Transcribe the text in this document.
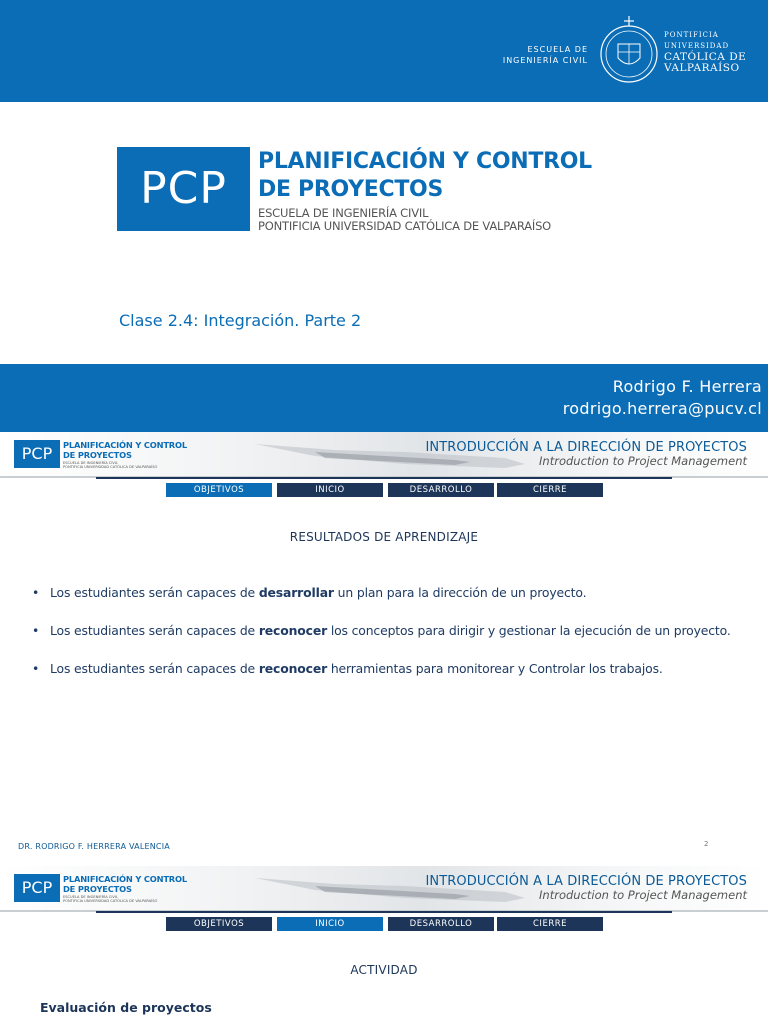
ESCUELA DE
INGENIERÍA CIVIL
PONTIFICIA
UNIVERSIDAD
CATÓLICA DE
VALPARAÍSO
PCP
PLANIFICACIÓN Y CONTROL
DE PROYECTOS
ESCUELA DE INGENIERÍA CIVIL
PONTIFICIA UNIVERSIDAD CATÓLICA DE VALPARAÍSO
Clase 2.4: Integración. Parte 2
Rodrigo F. Herrera
rodrigo.herrera@pucv.cl
PCP	PLANIFICACIÓN Y CONTROL
DE PROYECTOS
ESCUELA DE INGENIERÍA CIVIL
PONTIFICIA UNIVERSIDAD CATÓLICA DE VALPARAÍSO
INTRODUCCIÓN A LA DIRECCIÓN DE PROYECTOS
Introduction to Project Management
OBJETIVOS	INICIO	DESARROLLO	CIERRE
RESULTADOS DE APRENDIZAJE
• Los estudiantes serán capaces de desarrollar un plan para la dirección de un proyecto.
• Los estudiantes serán capaces de reconocer los conceptos para dirigir y gestionar la ejecución de un proyecto.
• Los estudiantes serán capaces de reconocer herramientas para monitorear y Controlar los trabajos.
DR. RODRIGO F. HERRERA VALENCIA	2
PCP	PLANIFICACIÓN Y CONTROL
DE PROYECTOS
ESCUELA DE INGENIERÍA CIVIL
PONTIFICIA UNIVERSIDAD CATÓLICA DE VALPARAÍSO
INTRODUCCIÓN A LA DIRECCIÓN DE PROYECTOS
Introduction to Project Management
OBJETIVOS	INICIO	DESARROLLO	CIERRE
ACTIVIDAD
Evaluación de proyectos
